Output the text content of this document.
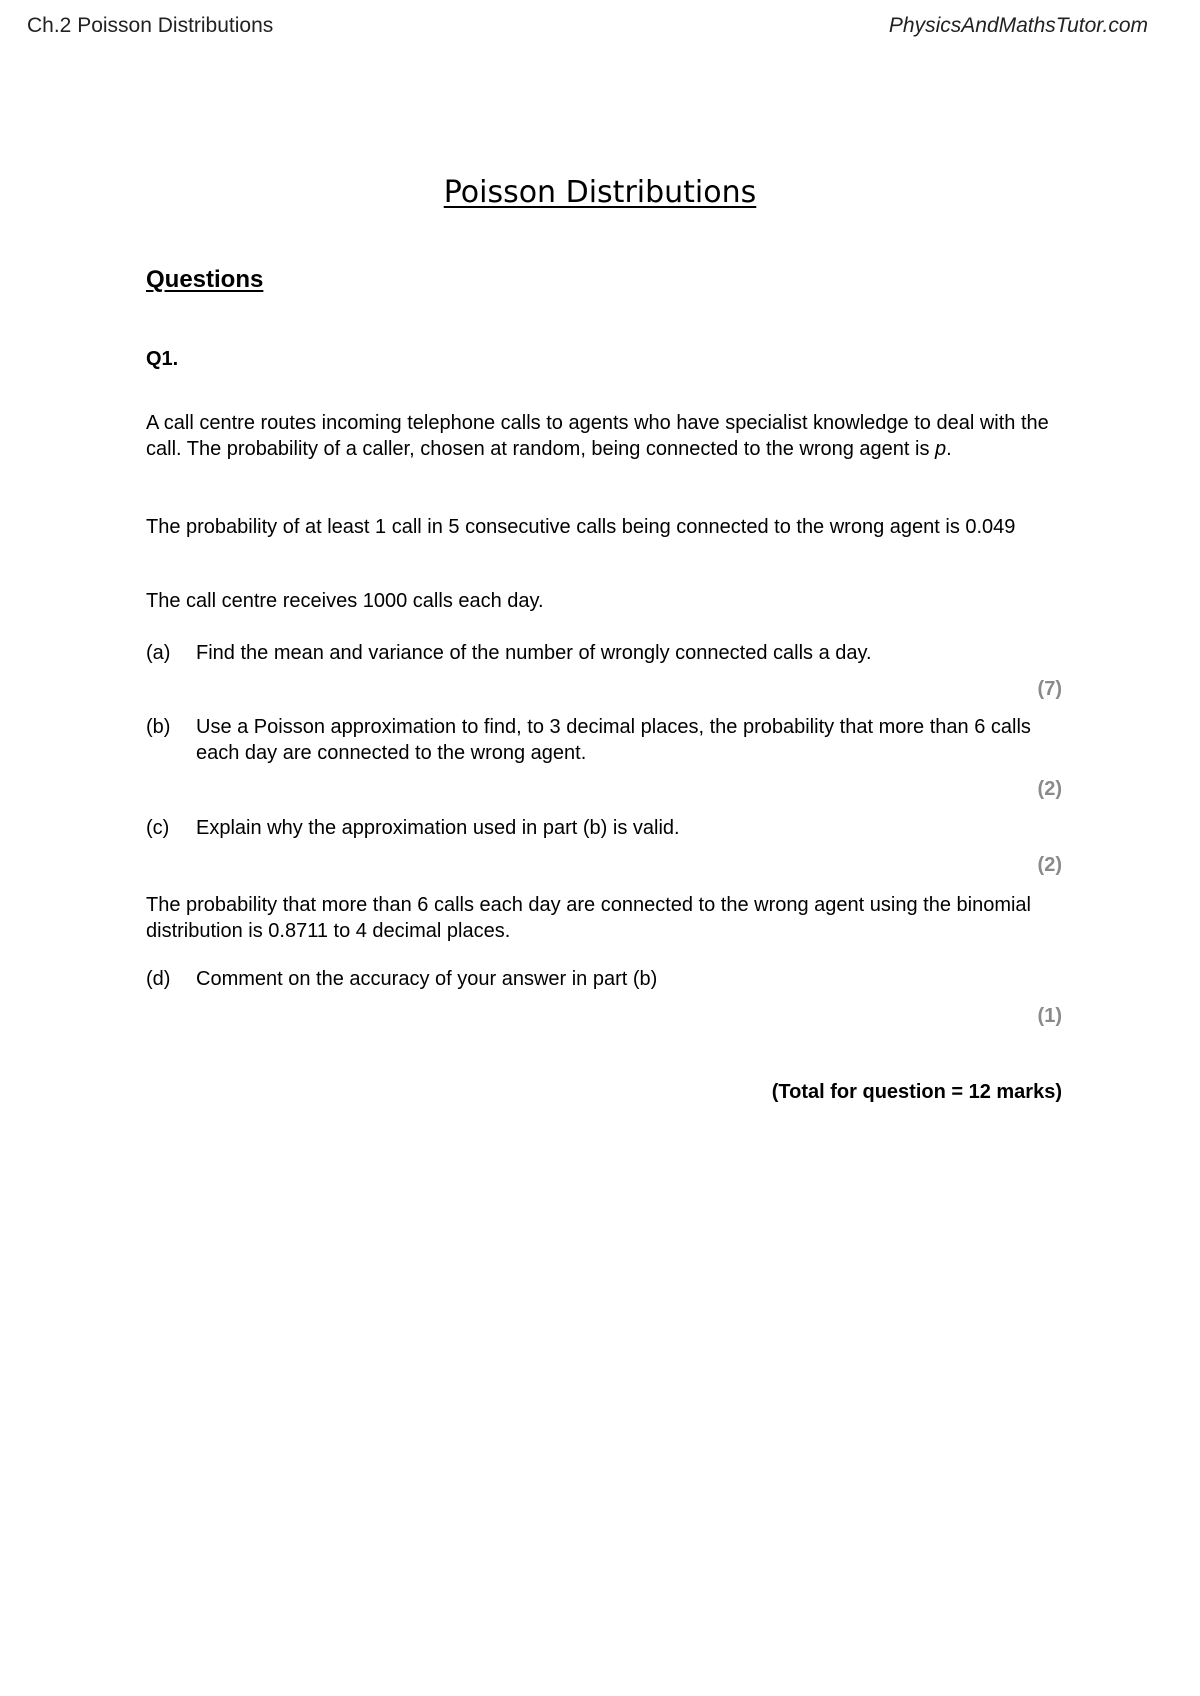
Ch.2 Poisson Distributions	PhysicsAndMathsTutor.com
Poisson Distributions
Questions
Q1.
A call centre routes incoming telephone calls to agents who have specialist knowledge to deal with the call. The probability of a caller, chosen at random, being connected to the wrong agent is p.
The probability of at least 1 call in 5 consecutive calls being connected to the wrong agent is 0.049
The call centre receives 1000 calls each day.
(a)	Find the mean and variance of the number of wrongly connected calls a day.
(7)
(b)	Use a Poisson approximation to find, to 3 decimal places, the probability that more than 6 calls each day are connected to the wrong agent.
(2)
(c)	Explain why the approximation used in part (b) is valid.
(2)
The probability that more than 6 calls each day are connected to the wrong agent using the binomial distribution is 0.8711 to 4 decimal places.
(d)	Comment on the accuracy of your answer in part (b)
(1)
(Total for question = 12 marks)
